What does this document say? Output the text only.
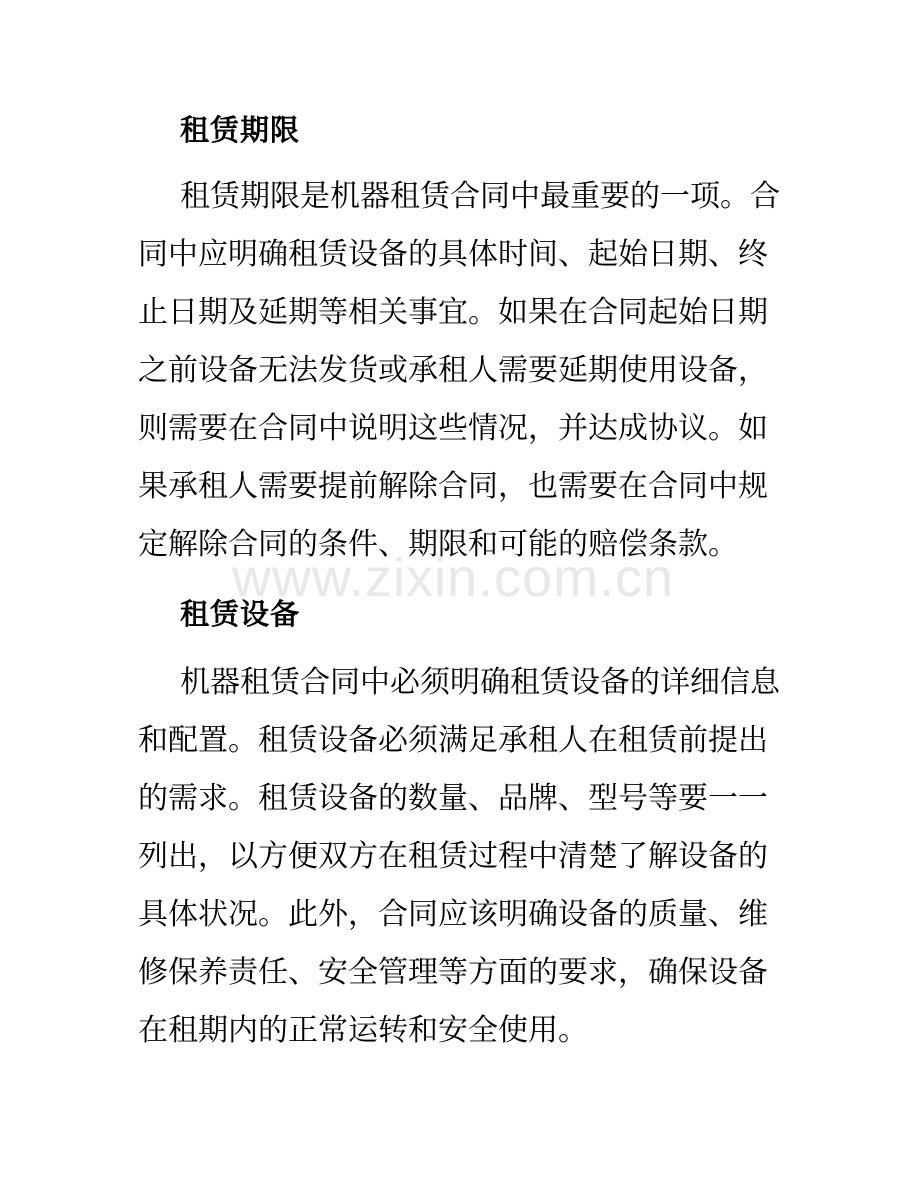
租赁期限
租赁期限是机器租赁合同中最重要的一项。合
同中应明确租赁设备的具体时间、起始日期、终
止日期及延期等相关事宜。如果在合同起始日期
之前设备无法发货或承租人需要延期使用设备，
则需要在合同中说明这些情况，并达成协议。如
果承租人需要提前解除合同，也需要在合同中规
定解除合同的条件、期限和可能的赔偿条款。
www.zixin.com.cn
租赁设备
机器租赁合同中必须明确租赁设备的详细信息
和配置。租赁设备必须满足承租人在租赁前提出
的需求。租赁设备的数量、品牌、型号等要一一
列出，以方便双方在租赁过程中清楚了解设备的
具体状况。此外，合同应该明确设备的质量、维
修保养责任、安全管理等方面的要求，确保设备
在租期内的正常运转和安全使用。
